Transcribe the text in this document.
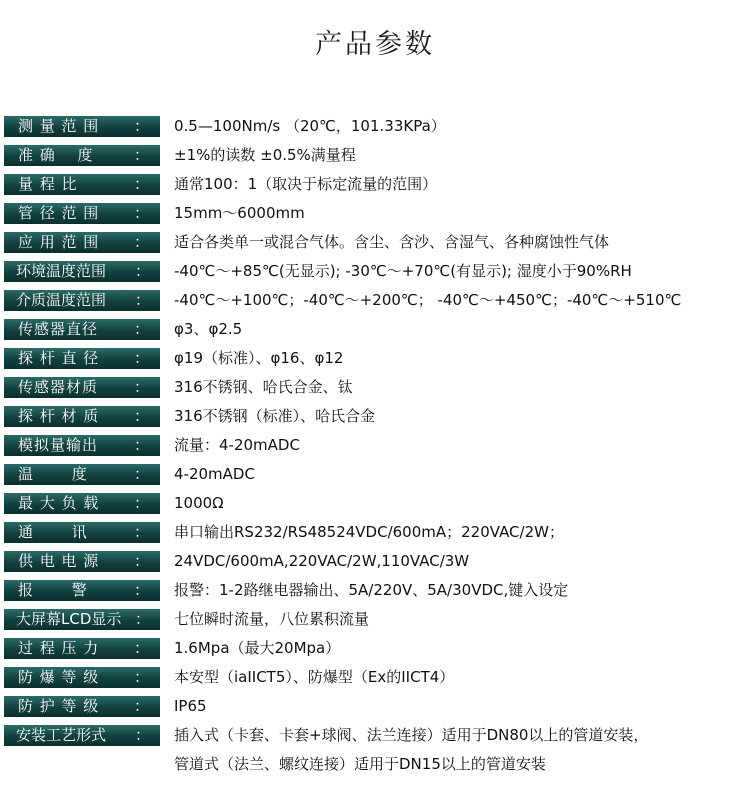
产品参数
测 量 范 围 ：	0.5—100Nm/s （20℃，101.33KPa）
准 确　 度	：	±1%的读数 ±0.5%满量程
量 程 比	：	通常100：1（取决于标定流量的范围）
管 径 范 围 ：	15mm～6000mm
应 用 范 围 ：	适合各类单一或混合气体。含尘、含沙、含湿气、各种腐蚀性气体
环境温度范围 ：	-40℃～+85℃(无显示); -30℃～+70℃(有显示); 湿度小于90%RH
介质温度范围 ：	-40℃～+100℃；-40℃～+200℃； -40℃～+450℃；-40℃～+510℃
传感器直径 ：	φ3、φ2.5
探 杆 直 径 ：	φ19（标准）、φ16、φ12
传感器材质 ：	316不锈钢、哈氏合金、钛
探 杆 材 质 ：	316不锈钢（标准）、哈氏合金
模拟量输出 ：	流量：4-20mADC
温　　 度	：	4-20mADC
最 大 负 载 ：	1000Ω
通　　 讯	：	串口输出RS232/RS48524VDC/600mA；220VAC/2W；
供 电 电 源 ：	24VDC/600mA,220VAC/2W,110VAC/3W
报　　 警	：	报警：1-2路继电器输出、5A/220V、5A/30VDC,键入设定
大屏幕LCD显示 ：	七位瞬时流量，八位累积流量
过 程 压 力 ：	1.6Mpa（最大20Mpa）
防 爆 等 级 ：	本安型（iaIICT5）、防爆型（Ex的IICT4）
防 护 等 级 ：	IP65
安装工艺形式 ： 插入式（卡套、卡套+球阀、法兰连接）适用于DN80以上的管道安装，
管道式（法兰、螺纹连接）适用于DN15以上的管道安装
